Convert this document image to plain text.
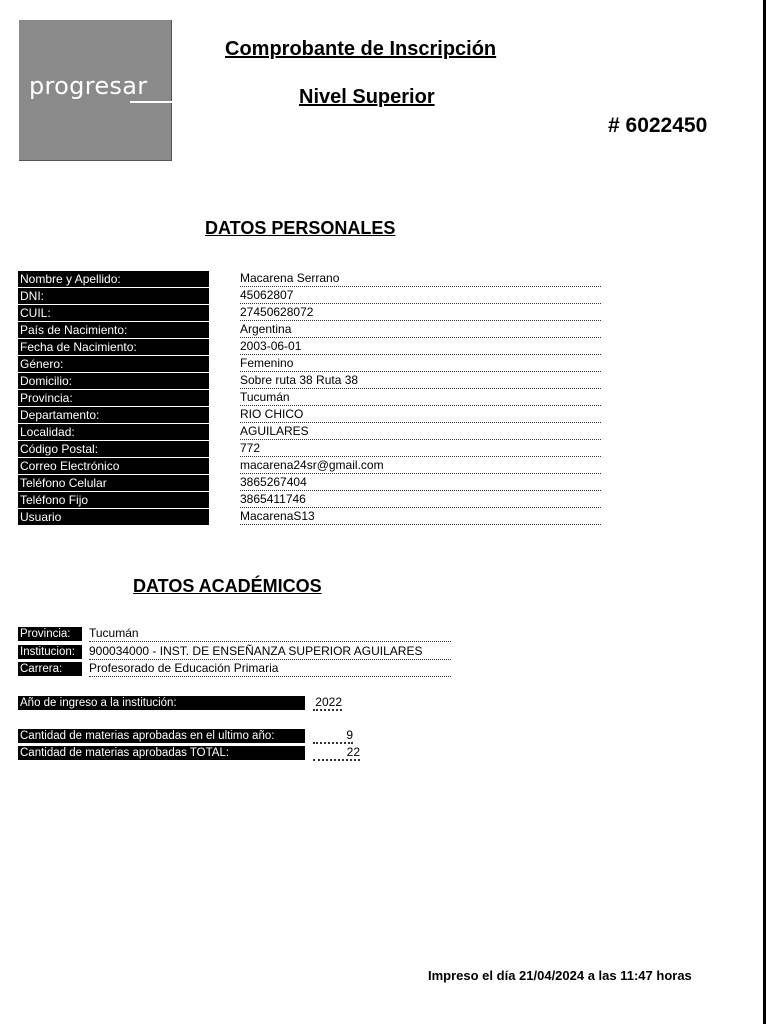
progresar
Comprobante de Inscripción
Nivel Superior
# 6022450
DATOS PERSONALES
Nombre y Apellido:	Macarena Serrano
DNI:	45062807
CUIL:	27450628072
País de Nacimiento:	Argentina
Fecha de Nacimiento:	2003-06-01
Género:	Femenino
Domicilio:	Sobre ruta 38 Ruta 38
Provincia:	Tucumán
Departamento:	RIO CHICO
Localidad:	AGUILARES
Código Postal:	772
Correo Electrónico	macarena24sr@gmail.com
Teléfono Celular	3865267404
Teléfono Fijo	3865411746
Usuario	MacarenaS13
DATOS ACADÉMICOS
Provincia:	Tucumán
Institucion:	900034000 - INST. DE ENSEÑANZA SUPERIOR AGUILARES
Carrera:	Profesorado de Educación Primaria
Año de ingreso a la institución:	2022
Cantidad de materias aprobadas en el ultimo año:	9
Cantidad de materias aprobadas TOTAL:	22
Impreso el día 21/04/2024 a las 11:47 horas
